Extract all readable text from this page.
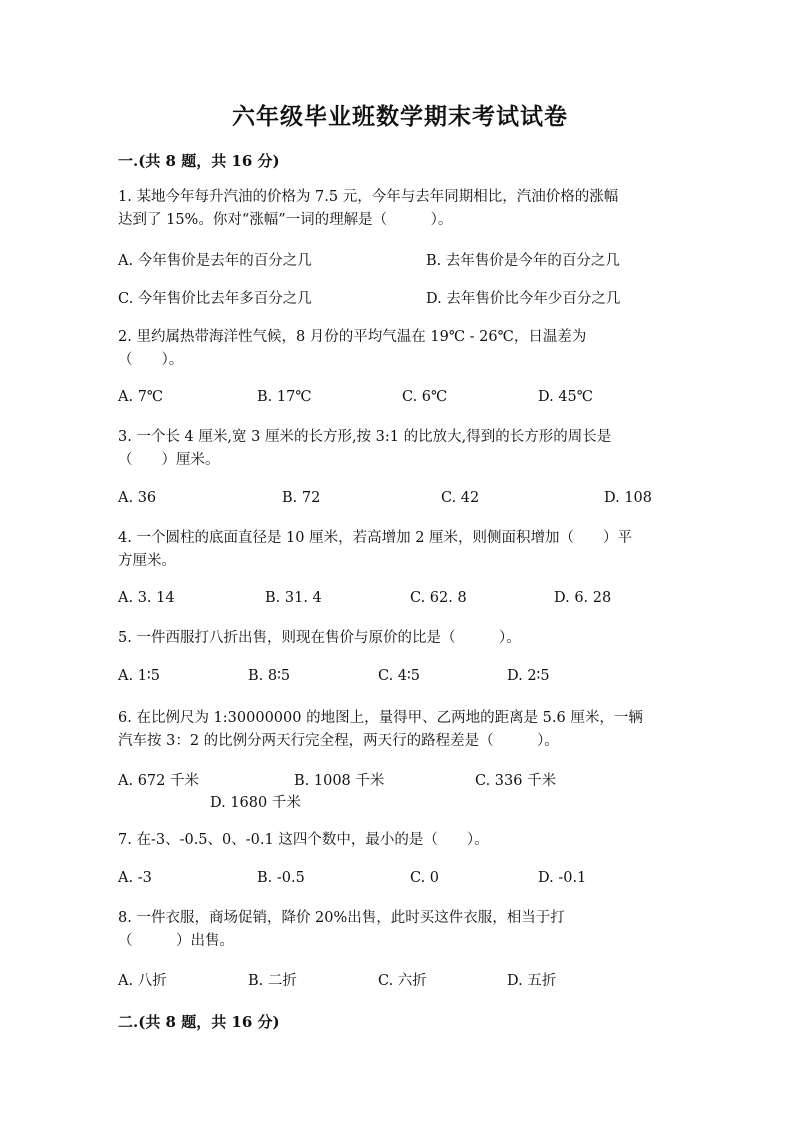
六年级毕业班数学期末考试试卷
一.(共 8 题，共 16 分)
1. 某地今年每升汽油的价格为 7.5 元，今年与去年同期相比，汽油价格的涨幅
达到了 15%。你对“涨幅”一词的理解是（　　　）。
A. 今年售价是去年的百分之几	B. 去年售价是今年的百分之几
C. 今年售价比去年多百分之几	D. 去年售价比今年少百分之几
2. 里约属热带海洋性气候，8 月份的平均气温在 19℃ - 26℃，日温差为
（　　）。
A. 7℃	B. 17℃	C. 6℃	D. 45℃
3. 一个长 4 厘米,宽 3 厘米的长方形,按 3:1 的比放大,得到的长方形的周长是
（　　）厘米。
A. 36	B. 72	C. 42	D. 108
4. 一个圆柱的底面直径是 10 厘米，若高增加 2 厘米，则侧面积增加（　　）平
方厘米。
A. 3. 14	B. 31. 4	C. 62. 8	D. 6. 28
5. 一件西服打八折出售，则现在售价与原价的比是（　　　）。
A. 1∶5	B. 8∶5	C. 4∶5	D. 2∶5
6. 在比例尺为 1:30000000 的地图上，量得甲、乙两地的距离是 5.6 厘米，一辆
汽车按 3：2 的比例分两天行完全程，两天行的路程差是（　　　）。
A. 672 千米	B. 1008 千米	C. 336 千米
D. 1680 千米
7. 在-3、-0.5、0、-0.1 这四个数中，最小的是（　　）。
A. -3	B. -0.5	C. 0	D. -0.1
8. 一件衣服，商场促销，降价 20%出售，此时买这件衣服，相当于打
（　　　）出售。
A. 八折	B. 二折	C. 六折	D. 五折
二.(共 8 题，共 16 分)
